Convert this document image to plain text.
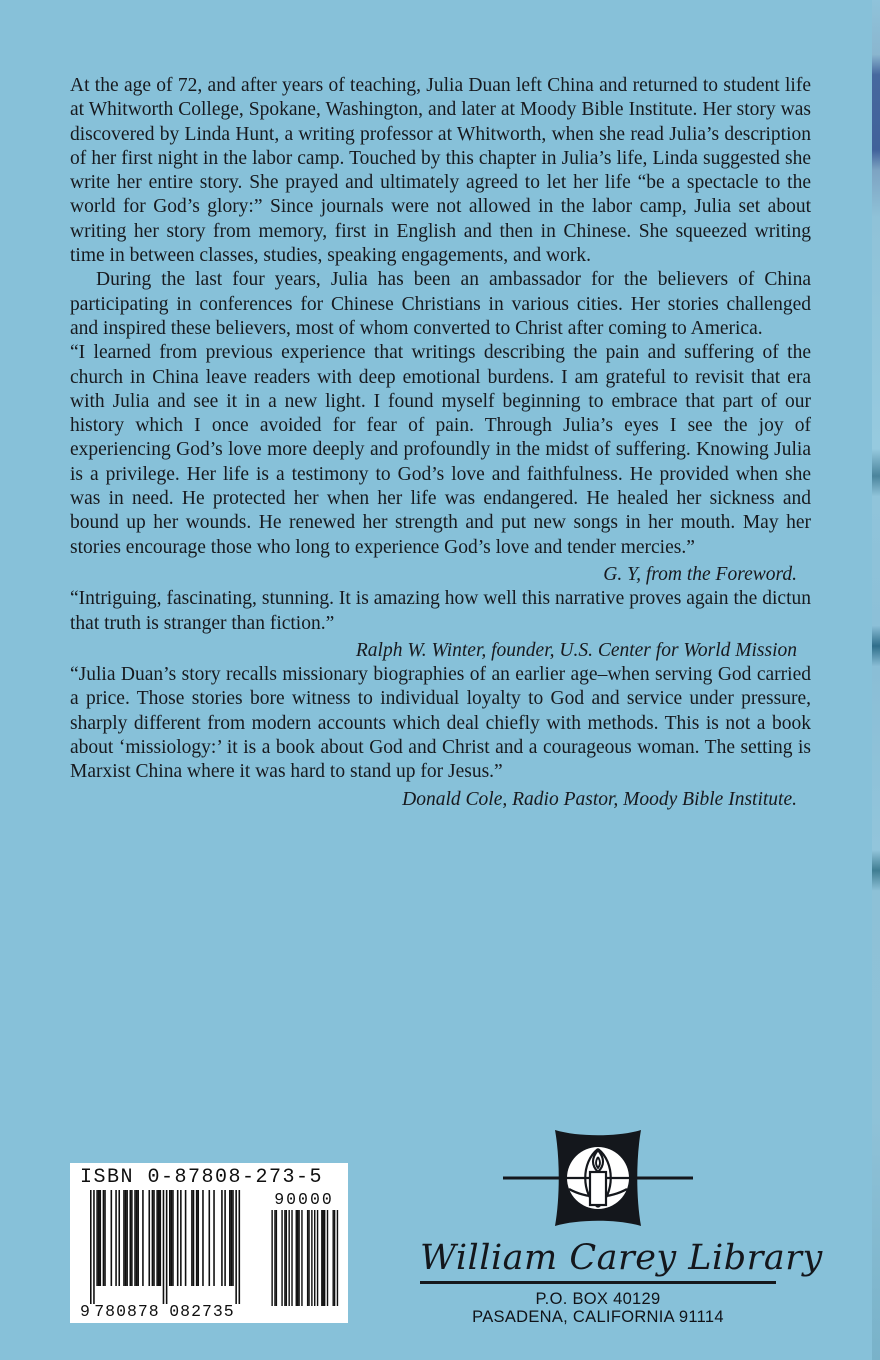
At the age of 72, and after years of teaching, Julia Duan left China and returned to student life at Whitworth College, Spokane, Washington, and later at Moody Bible Institute. Her story was discovered by Linda Hunt, a writing professor at Whitworth, when she read Julia’s description of her first night in the labor camp. Touched by this chapter in Julia’s life, Linda suggested she write her entire story. She prayed and ultimately agreed to let her life “be a spectacle to the world for God’s glory:” Since journals were not allowed in the labor camp, Julia set about writing her story from memory, first in English and then in Chinese. She squeezed writing time in between classes, studies, speaking engagements, and work.

During the last four years, Julia has been an ambassador for the believers of China participating in conferences for Chinese Christians in various cities. Her stories challenged and inspired these believers, most of whom converted to Christ after coming to America.

“I learned from previous experience that writings describing the pain and suffering of the church in China leave readers with deep emotional burdens. I am grateful to revisit that era with Julia and see it in a new light. I found myself beginning to embrace that part of our history which I once avoided for fear of pain. Through Julia’s eyes I see the joy of experiencing God’s love more deeply and profoundly in the midst of suffering. Knowing Julia is a privilege. Her life is a testimony to God’s love and faithfulness. He provided when she was in need. He protected her when her life was endangered. He healed her sickness and bound up her wounds. He renewed her strength and put new songs in her mouth. May her stories encourage those who long to experience God’s love and tender mercies.”

G. Y, from the Foreword.

“Intriguing, fascinating, stunning. It is amazing how well this narrative proves again the dictun that truth is stranger than fiction.”

Ralph W. Winter, founder, U.S. Center for World Mission

“Julia Duan’s story recalls missionary biographies of an earlier age–when serving God carried a price. Those stories bore witness to individual loyalty to God and service under pressure, sharply different from modern accounts which deal chiefly with methods. This is not a book about ‘missiology:’ it is a book about God and Christ and a courageous woman. The setting is Marxist China where it was hard to stand up for Jesus.”

Donald Cole, Radio Pastor, Moody Bible Institute.
ISBN 0-87808-273-5
9 780878 082735
90000
William Carey Library
P.O. BOX 40129
PASADENA, CALIFORNIA 91114
